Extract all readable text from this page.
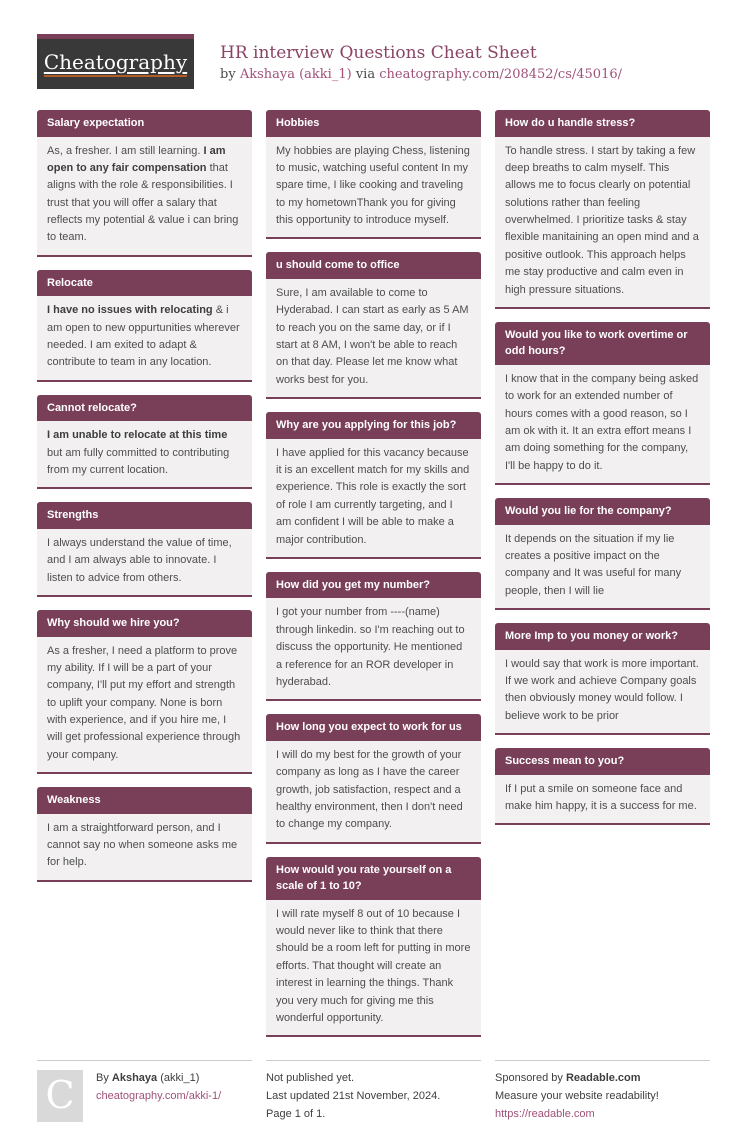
Cheatography HR interview Questions Cheat Sheet
by Akshaya (akki_1) via cheatography.com/208452/cs/45016/
Salary expectation
As, a fresher. I am still learning. I am open to any fair compensation that aligns with the role & responsibilities. I trust that you will offer a salary that reflects my potential & value i can bring to team.
Relocate
I have no issues with relocating & i am open to new oppurtunities wherever needed. I am exited to adapt & contribute to team in any location.
Cannot relocate?
I am unable to relocate at this time but am fully committed to contributing from my current location.
Strengths
I always understand the value of time, and I am always able to innovate. I listen to advice from others.
Why should we hire you?
As a fresher, I need a platform to prove my ability. If I will be a part of your company, I'll put my effort and strength to uplift your company. None is born with experience, and if you hire me, I will get professional experience through your company.
Weakness
I am a straightforward person, and I cannot say no when someone asks me for help.
Hobbies
My hobbies are playing Chess, listening to music, watching useful content In my spare time, I like cooking and traveling to my hometownThank you for giving this opportunity to introduce myself.
u should come to office
Sure, I am available to come to Hyderabad. I can start as early as 5 AM to reach you on the same day, or if I start at 8 AM, I won't be able to reach on that day. Please let me know what works best for you.
Why are you applying for this job?
I have applied for this vacancy because it is an excellent match for my skills and experience. This role is exactly the sort of role I am currently targeting, and I am confident I will be able to make a major contribution.
How did you get my number?
I got your number from ----(name) through linkedin. so I'm reaching out to discuss the opportunity. He mentioned a reference for an ROR developer in hyderabad.
How long you expect to work for us
I will do my best for the growth of your company as long as I have the career growth, job satisfaction, respect and a healthy environment, then I don't need to change my company.
How would you rate yourself on a scale of 1 to 10?
I will rate myself 8 out of 10 because I would never like to think that there should be a room left for putting in more efforts. That thought will create an interest in learning the things. Thank you very much for giving me this wonderful opportunity.
How do u handle stress?
To handle stress. I start by taking a few deep breaths to calm myself. This allows me to focus clearly on potential solutions rather than feeling overwhelmed. I prioritize tasks & stay flexible manitaining an open mind and a positive outlook. This approach helps me stay productive and calm even in high pressure situations.
Would you like to work overtime or odd hours?
I know that in the company being asked to work for an extended number of hours comes with a good reason, so I am ok with it. It an extra effort means I am doing something for the company, I'll be happy to do it.
Would you lie for the company?
It depends on the situation if my lie creates a positive impact on the company and It was useful for many people, then I will lie
More Imp to you money or work?
I would say that work is more important. If we work and achieve Company goals then obviously money would follow. I believe work to be prior
Success mean to you?
If I put a smile on someone face and make him happy, it is a success for me.
C By Akshaya (akki_1)
cheatography.com/akki-1/
Not published yet.
Last updated 21st November, 2024.
Page 1 of 1.
Sponsored by Readable.com
Measure your website readability!
https://readable.com
